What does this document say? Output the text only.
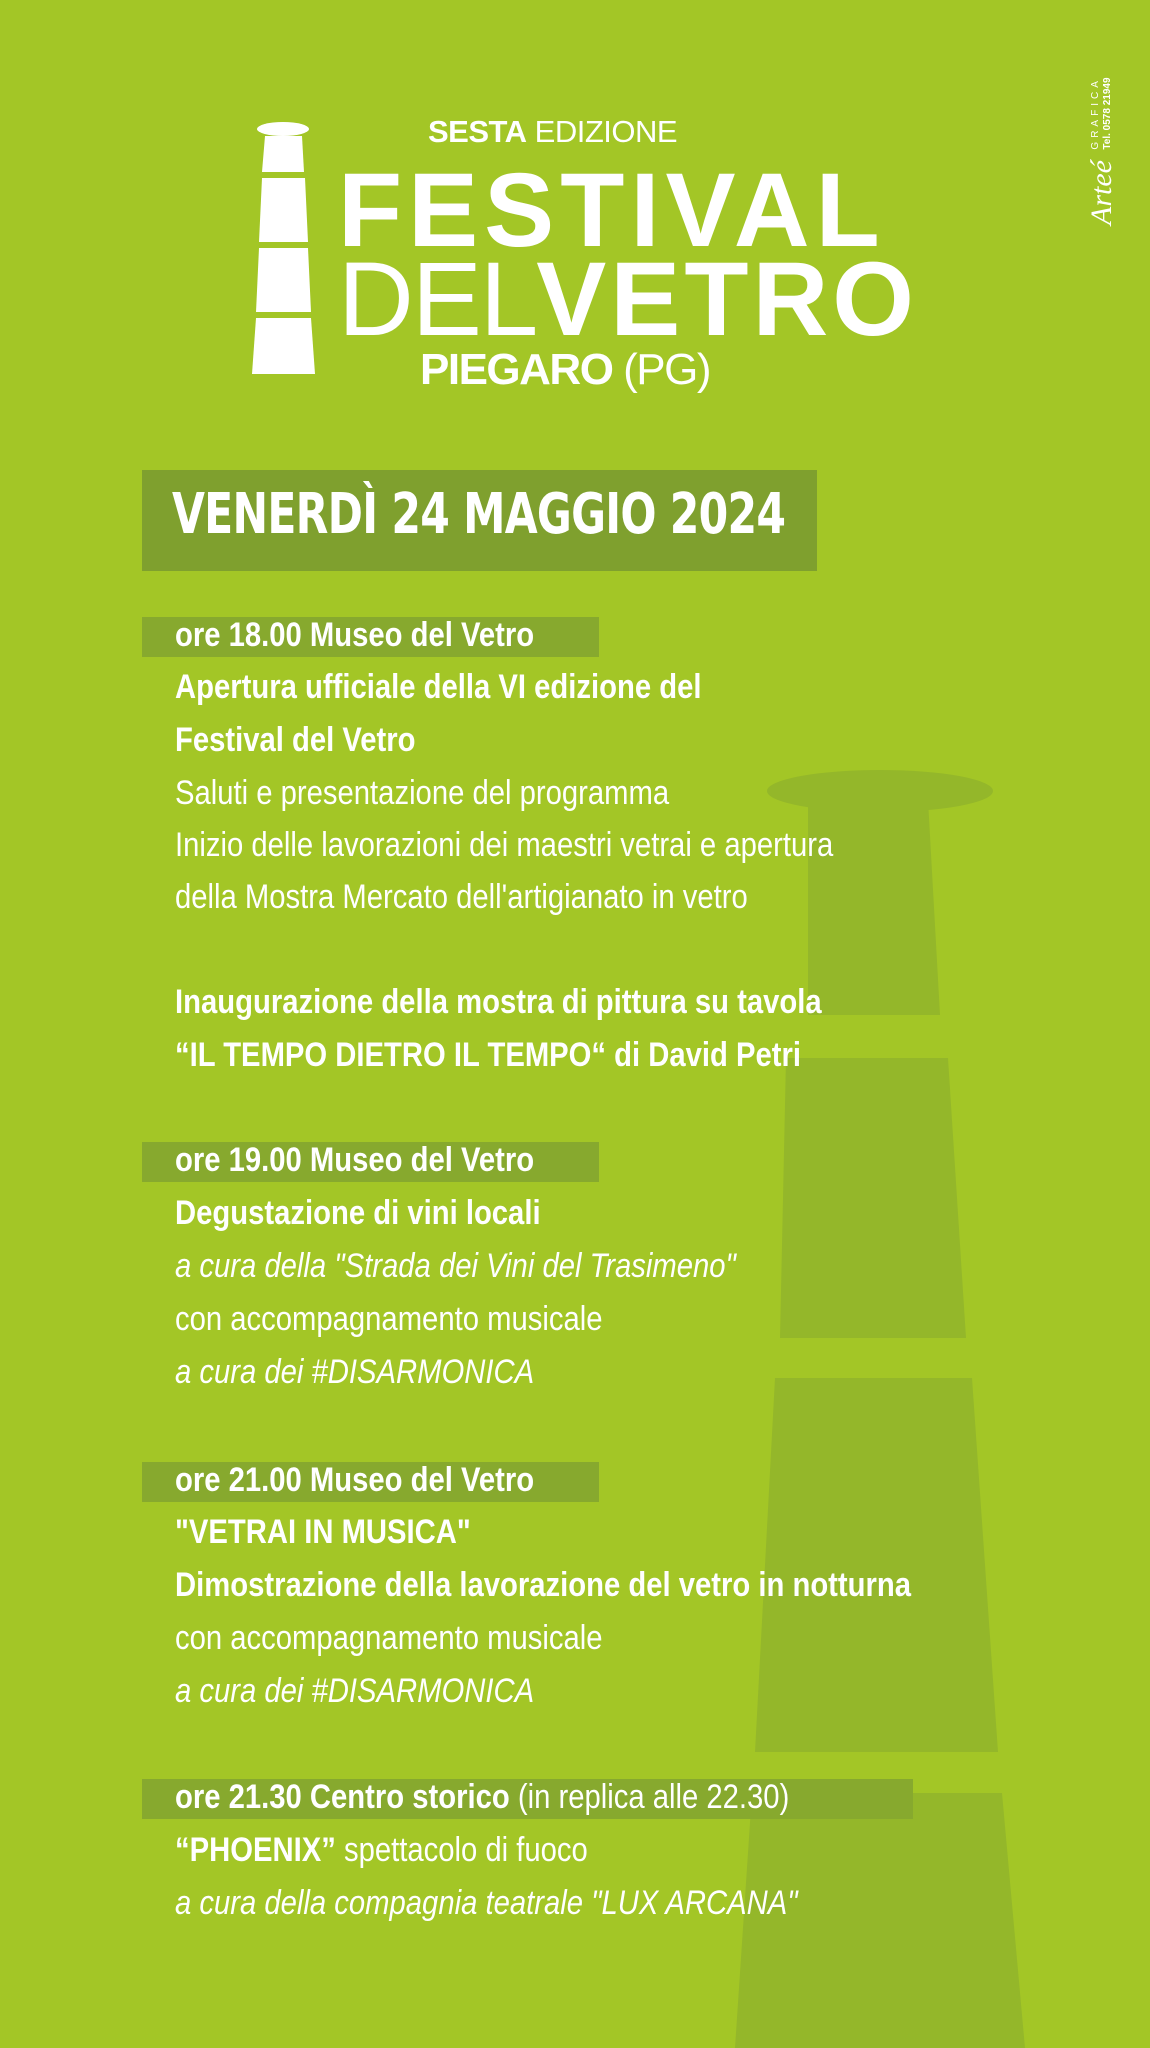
SESTA EDIZIONE
FESTIVAL
DELVETRO
PIEGARO (PG)
Arteé
GRAFICA Tel. 0578 21949
VENERDÌ 24 MAGGIO 2024
ore 18.00 Museo del Vetro
Apertura ufficiale della VI edizione del
Festival del Vetro
Saluti e presentazione del programma
Inizio delle lavorazioni dei maestri vetrai e apertura
della Mostra Mercato dell'artigianato in vetro
Inaugurazione della mostra di pittura su tavola
“IL TEMPO DIETRO IL TEMPO“ di David Petri
ore 19.00 Museo del Vetro
Degustazione di vini locali
a cura della "Strada dei Vini del Trasimeno"
con accompagnamento musicale
a cura dei #DISARMONICA
ore 21.00 Museo del Vetro
"VETRAI IN MUSICA"
Dimostrazione della lavorazione del vetro in notturna
con accompagnamento musicale
a cura dei #DISARMONICA
ore 21.30 Centro storico (in replica alle 22.30)
“PHOENIX” spettacolo di fuoco
a cura della compagnia teatrale "LUX ARCANA"
